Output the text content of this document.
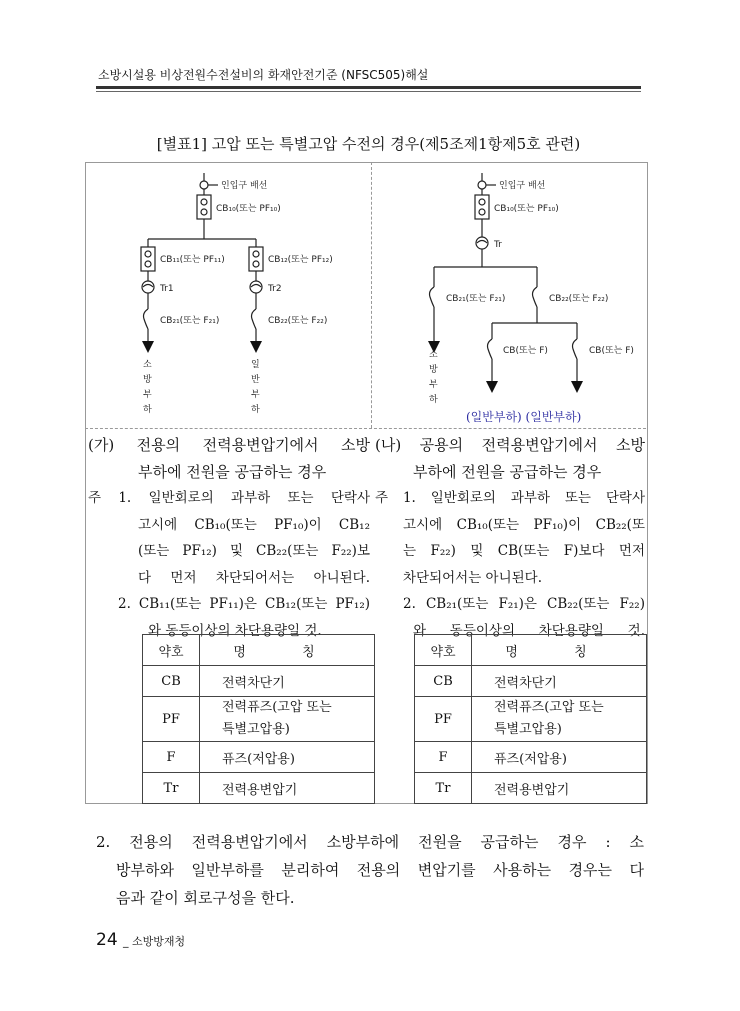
소방시설용 비상전원수전설비의 화재안전기준 (NFSC505)해설
[별표1] 고압 또는 특별고압 수전의 경우(제5조제1항제5호 관련)
인입구 배선
CB₁₀(또는 PF₁₀)
CB₁₁(또는 PF₁₁)	CB₁₂(또는 PF₁₂)
Tr1	Tr2
CB₂₁(또는 F₂₁)	CB₂₂(또는 F₂₂)
소
방
부
하
일
반
부
하
인입구 배선
CB₁₀(또는 PF₁₀)
Tr
CB₂₁(또는 F₂₁)	CB₂₂(또는 F₂₂)
CB(또는 F)	CB(또는 F)
소
방
부
하
(일반부하) (일반부하)

(가) 전용의 전력용변압기에서 소방

부하에 전원을 공급하는 경우

주 1. 일반회로의 과부하 또는 단락사

고시에 CB₁₀(또는 PF₁₀)이 CB₁₂

(또는 PF₁₂) 및 CB₂₂(또는 F₂₂)보

다 먼저 차단되어서는 아니된다.

2. CB₁₁(또는 PF₁₁)은 CB₁₂(또는 PF₁₂)

와 동등이상의 차단용량일 것.

(나) 공용의 전력용변압기에서 소방

부하에 전원을 공급하는 경우

주 1. 일반회로의 과부하 또는 단락사

고시에 CB₁₀(또는 PF₁₀)이 CB₂₂(또

는 F₂₂) 및 CB(또는 F)보다 먼저

차단되어서는 아니된다.

2. CB₂₁(또는 F₂₁)은 CB₂₂(또는 F₂₂)

와 동등이상의 차단용량일 것.

약호	명 칭
CB	전력차단기
PF	전력퓨즈(고압 또는
특별고압용)
F	퓨즈(저압용)
Tr	전력용변압기
약호	명 칭
CB	전력차단기
PF	전력퓨즈(고압 또는
특별고압용)
F	퓨즈(저압용)
Tr	전력용변압기

2. 전용의 전력용변압기에서 소방부하에 전원을 공급하는 경우 : 소

방부하와 일반부하를 분리하여 전용의 변압기를 사용하는 경우는 다

음과 같이 회로구성을 한다.

24 _ 소방방재청
